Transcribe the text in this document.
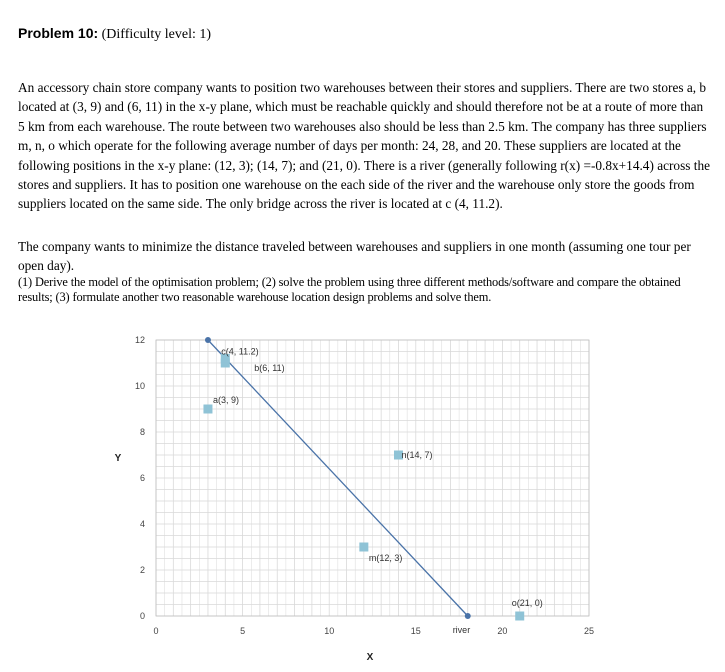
Problem 10: (Difficulty level: 1)

An accessory chain store company wants to position two warehouses between their stores and suppliers. There are two stores a, b located at (3, 9) and (6, 11) in the x-y plane, which must be reachable quickly and should therefore not be at a route of more than 5 km from each warehouse. The route between two warehouses also should be less than 2.5 km. The company has three suppliers m, n, o which operate for the following average number of days per month: 24, 28, and 20. These suppliers are located at the following positions in the x-y plane: (12, 3); (14, 7); and (21, 0). There is a river (generally following r(x) =-0.8x+14.4) across the stores and suppliers. It has to position one warehouse on the each side of the river and the warehouse only store the goods from suppliers located on the same side. The only bridge across the river is located at c (4, 11.2).

The company wants to minimize the distance traveled between warehouses and suppliers in one month (assuming one tour per open day).

(1) Derive the model of the optimisation problem; (2) solve the problem using three different methods/software and compare the obtained results; (3) formulate another two reasonable warehouse location design problems and solve them.

river
a(3, 9)
b(6, 11)
c(4, 11.2)
n(14, 7)
m(12, 3)
o(21, 0)
0	5	10	15	20	25
0
2
4
6
8
10
12
X
Y
